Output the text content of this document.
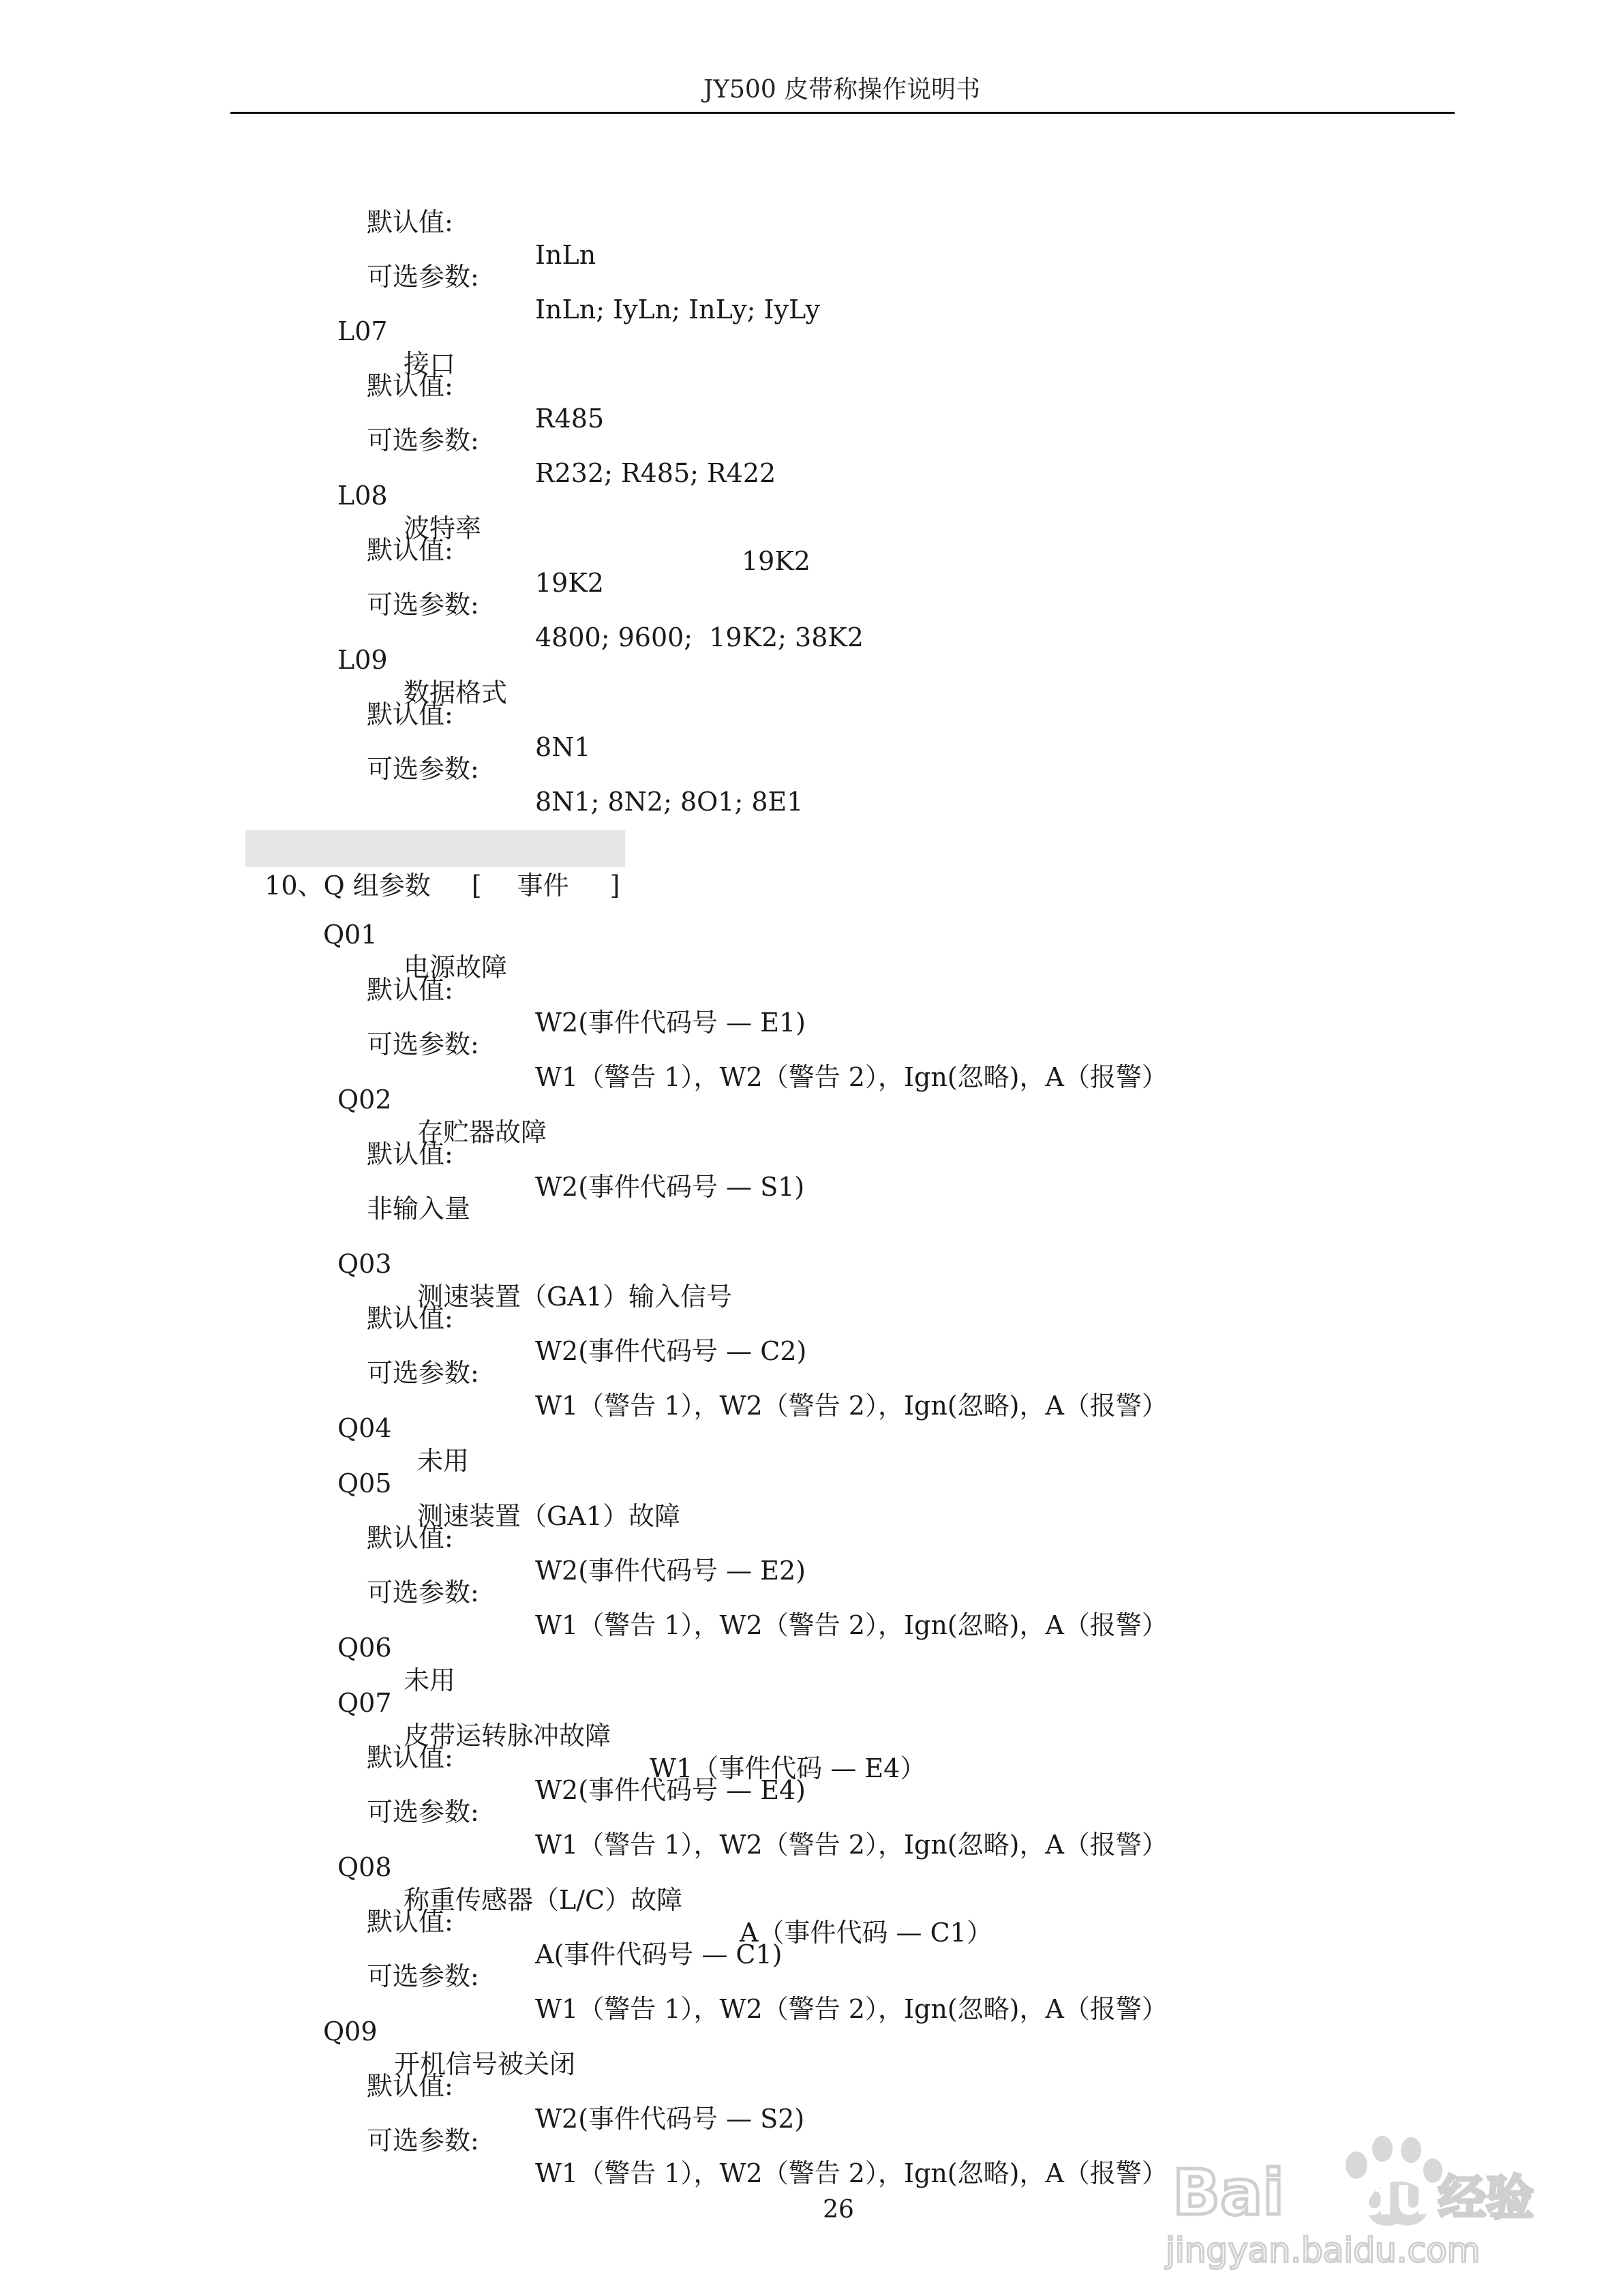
JY500 皮带称操作说明书

默认值:

InLn

可选参数:

InLn; IyLn; InLy; IyLy

L07

接口

默认值:

R485

可选参数:

R232; R485; R422

L08

波特率

19K2

默认值:

19K2

可选参数:

4800; 9600;  19K2; 38K2

L09

数据格式

默认值:

8N1

可选参数:

8N1; 8N2; 8O1; 8E1

10、Q 组参数 [ 事件 ]

Q01

电源故障

默认值:

W2(事件代码号 — E1)

可选参数:

W1（警告 1），W2（警告 2），Ign(忽略)，A（报警）

Q02

存贮器故障

默认值:

W2(事件代码号 — S1)

非输入量

Q03

测速装置（GA1）输入信号

默认值:

W2(事件代码号 — C2)

可选参数:

W1（警告 1），W2（警告 2），Ign(忽略)，A（报警）

Q04

未用

Q05

测速装置（GA1）故障

默认值:

W2(事件代码号 — E2)

可选参数:

W1（警告 1），W2（警告 2），Ign(忽略)，A（报警）

Q06

未用

Q07

皮带运转脉冲故障

W1（事件代码 — E4）

默认值:

W2(事件代码号 — E4)

可选参数:

W1（警告 1），W2（警告 2），Ign(忽略)，A（报警）

Q08

称重传感器（L/C）故障

A（事件代码 — C1）

默认值:

A(事件代码号 — C1)

可选参数:

W1（警告 1），W2（警告 2），Ign(忽略)，A（报警）

Q09

开机信号被关闭

默认值:

W2(事件代码号 — S2)

可选参数:

W1（警告 1），W2（警告 2），Ign(忽略)，A（报警）

26	Bai du 经验
jingyan.baidu.com
